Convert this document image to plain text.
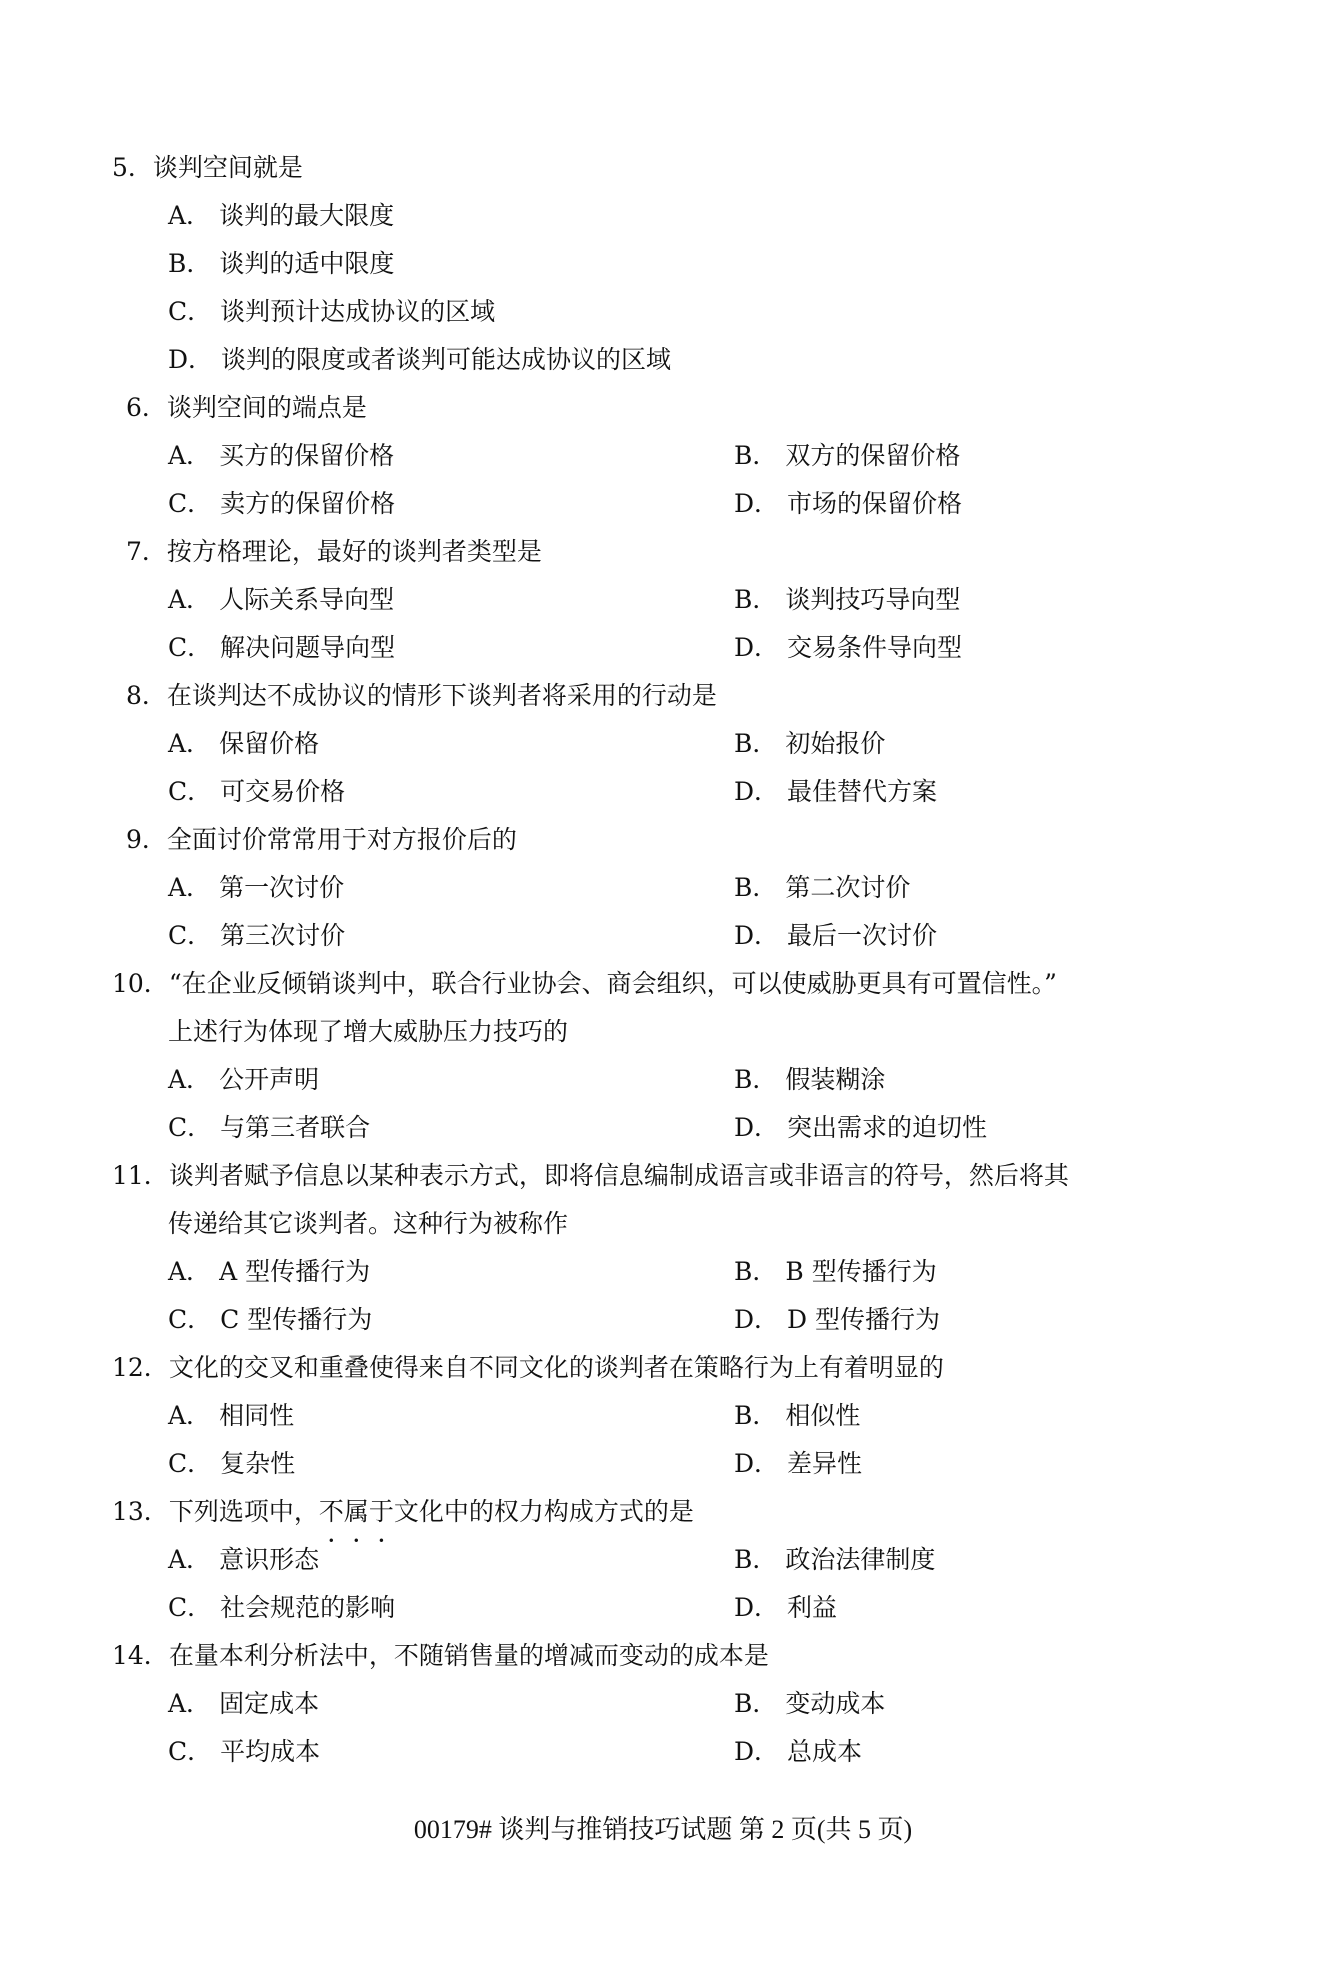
5．谈判空间就是
A． 谈判的最大限度
B． 谈判的适中限度
C． 谈判预计达成协议的区域
D． 谈判的限度或者谈判可能达成协议的区域
6．谈判空间的端点是
A． 买方的保留价格	B． 双方的保留价格
C． 卖方的保留价格	D． 市场的保留价格
7．按方格理论，最好的谈判者类型是
A． 人际关系导向型	B． 谈判技巧导向型
C． 解决问题导向型	D． 交易条件导向型
8．在谈判达不成协议的情形下谈判者将采用的行动是
A． 保留价格	B． 初始报价
C． 可交易价格	D． 最佳替代方案
9．全面讨价常常用于对方报价后的
A． 第一次讨价	B． 第二次讨价
C． 第三次讨价	D． 最后一次讨价
10．“在企业反倾销谈判中，联合行业协会、商会组织，可以使威胁更具有可置信性。”
上述行为体现了增大威胁压力技巧的
A． 公开声明	B． 假装糊涂
C． 与第三者联合	D． 突出需求的迫切性
11．谈判者赋予信息以某种表示方式，即将信息编制成语言或非语言的符号，然后将其
传递给其它谈判者。这种行为被称作
A． A 型传播行为	B． B 型传播行为
C． C 型传播行为	D． D 型传播行为
12．文化的交叉和重叠使得来自不同文化的谈判者在策略行为上有着明显的
A． 相同性	B． 相似性
C． 复杂性	D． 差异性
13．下列选项中，不属于文化中的权力构成方式的是
A． 意识形态	B． 政治法律制度
C． 社会规范的影响	D． 利益
14．在量本利分析法中，不随销售量的增减而变动的成本是
A． 固定成本	B． 变动成本
C． 平均成本	D． 总成本
00179# 谈判与推销技巧试题 第 2 页(共 5 页)
